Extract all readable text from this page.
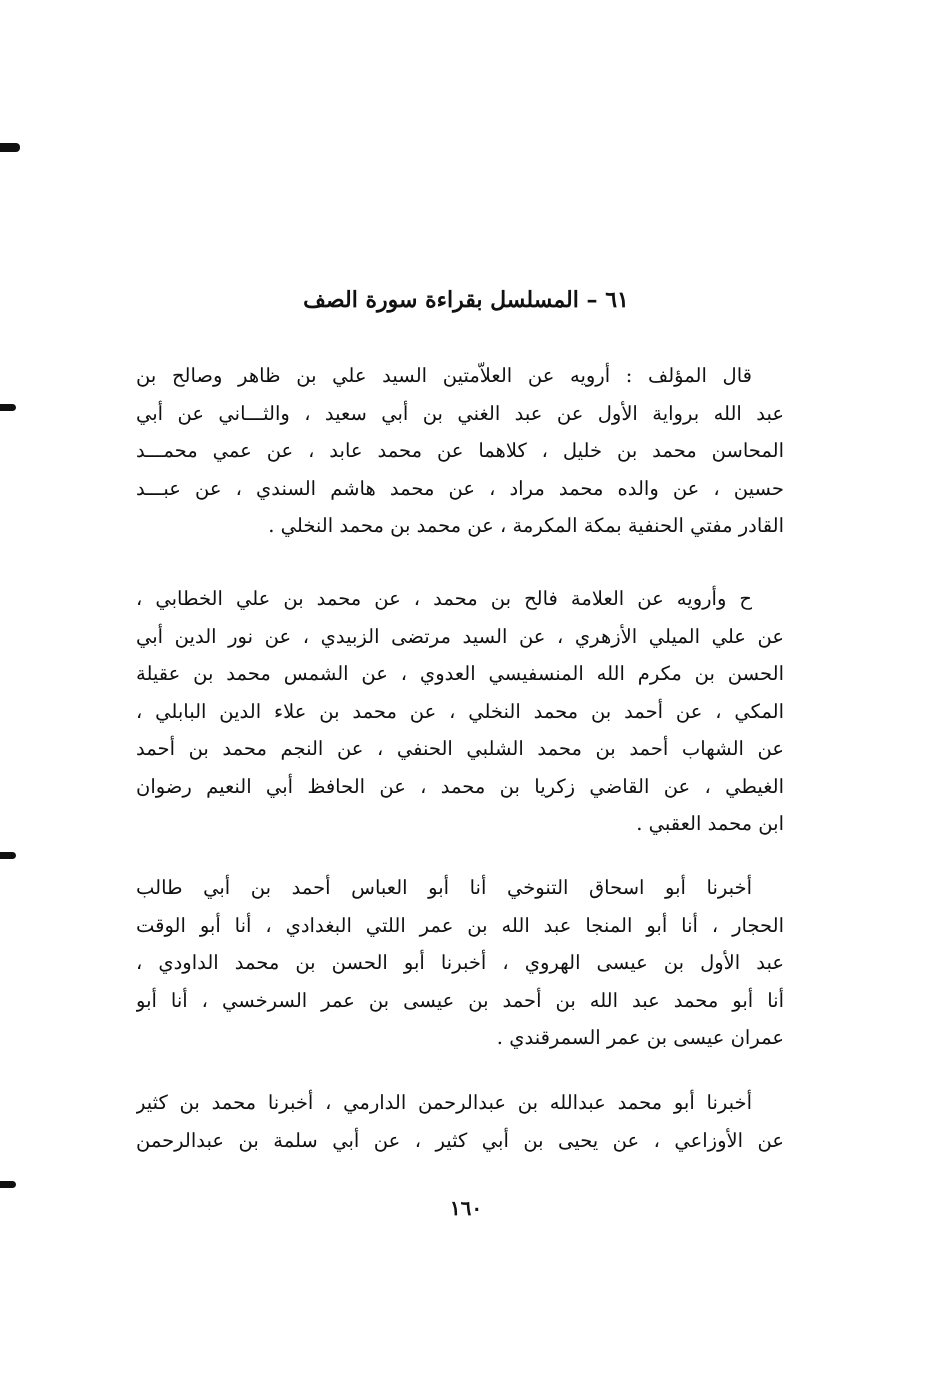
٦١ – المسلسل بقراءة سورة الصف
قال المؤلف : أرويه عن العلاّمتين السيد علي بن ظاهر وصالح بن
عبد الله برواية الأول عن عبد الغني بن أبي سعيد ، والثـــاني عن أبي
المحاسن محمد بن خليل ، كلاهما عن محمد عابد ، عن عمي محمـــد
حسين ، عن والده محمد مراد ، عن محمد هاشم السندي ، عن عبـــد
القادر مفتي الحنفية بمكة المكرمة ، عن محمد بن محمد النخلي .
ح وأرويه عن العلامة فالح بن محمد ، عن محمد بن علي الخطابي ،
عن علي الميلي الأزهري ، عن السيد مرتضى الزبيدي ، عن نور الدين أبي
الحسن بن مكرم الله المنسفيسي العدوي ، عن الشمس محمد بن عقيلة
المكي ، عن أحمد بن محمد النخلي ، عن محمد بن علاء الدين البابلي ،
عن الشهاب أحمد بن محمد الشلبي الحنفي ، عن النجم محمد بن أحمد
الغيطي ، عن القاضي زكريا بن محمد ، عن الحافظ أبي النعيم رضوان
ابن محمد العقبي .
أخبرنا أبو اسحاق التنوخي أنا أبو العباس أحمد بن أبي طالب
الحجار ، أنا أبو المنجا عبد الله بن عمر اللتي البغدادي ، أنا أبو الوقت
عبد الأول بن عيسى الهروي ، أخبرنا أبو الحسن بن محمد الداودي ،
أنا أبو محمد عبد الله بن أحمد بن عيسى بن عمر السرخسي ، أنا أبو
عمران عيسى بن عمر السمرقندي .
أخبرنا أبو محمد عبدالله بن عبدالرحمن الدارمي ، أخبرنا محمد بن كثير
عن الأوزاعي ، عن يحيى بن أبي كثير ، عن أبي سلمة بن عبدالرحمن
١٦٠
